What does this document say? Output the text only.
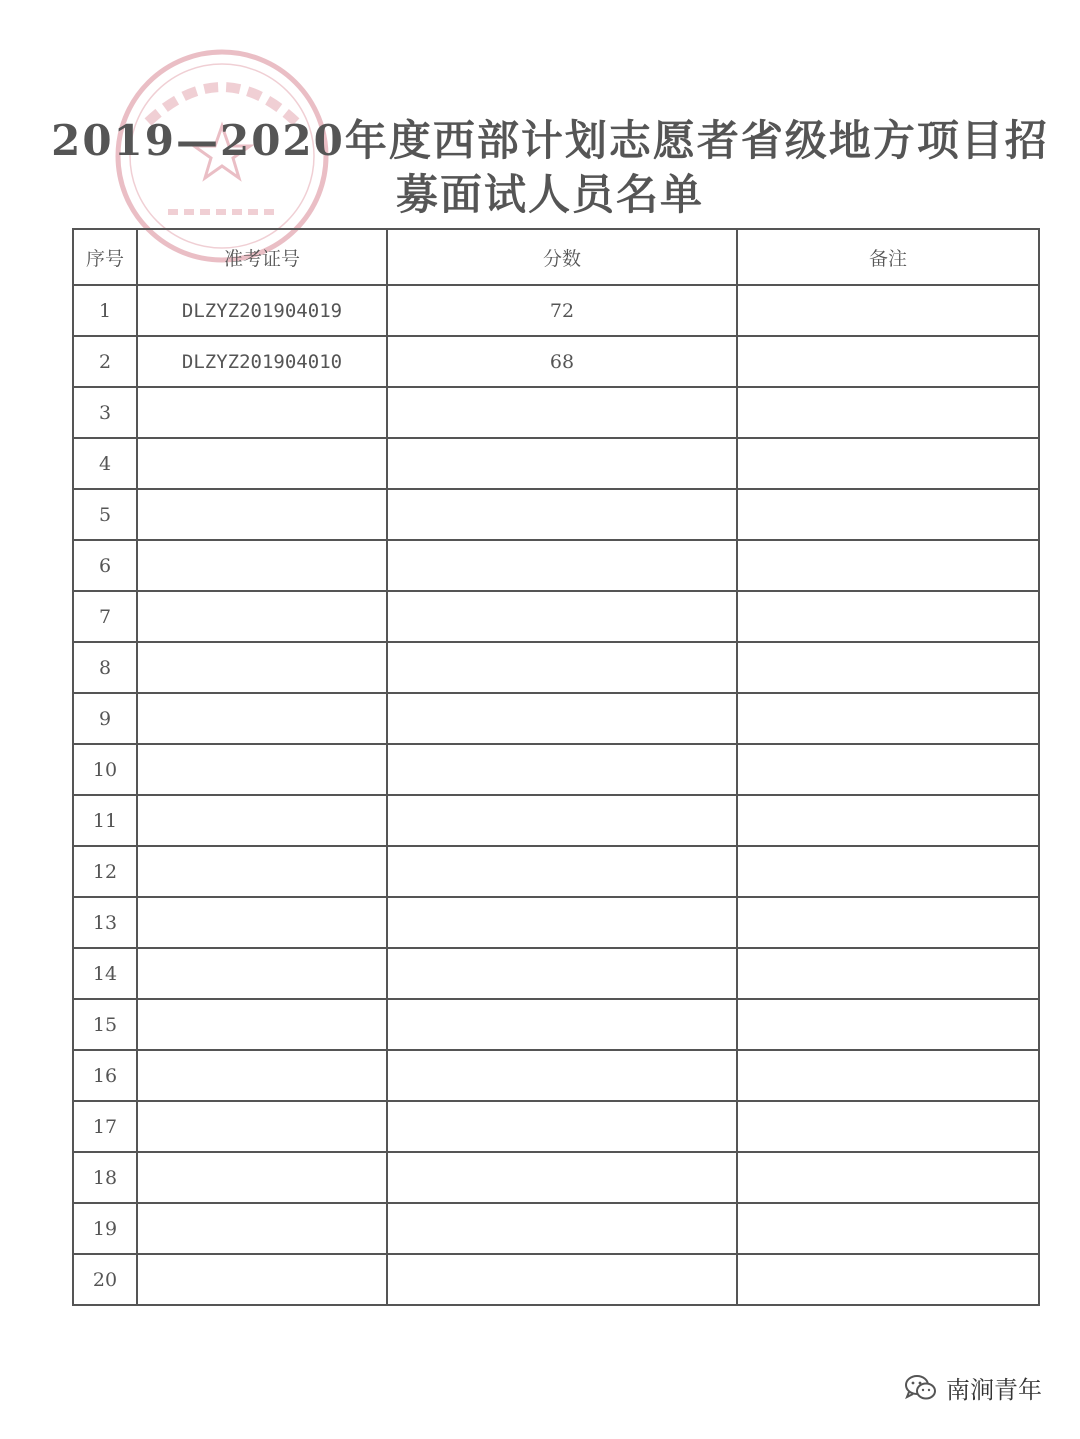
2019—2020年度西部计划志愿者省级地方项目招
募面试人员名单
序号	准考证号	分数	备注
1	DLZYZ201904019	72	
2	DLZYZ201904010	68	
3			
4			
5			
6			
7			
8			
9			
10			
11			
12			
13			
14			
15			
16			
17			
18			
19			
20			
南涧青年
